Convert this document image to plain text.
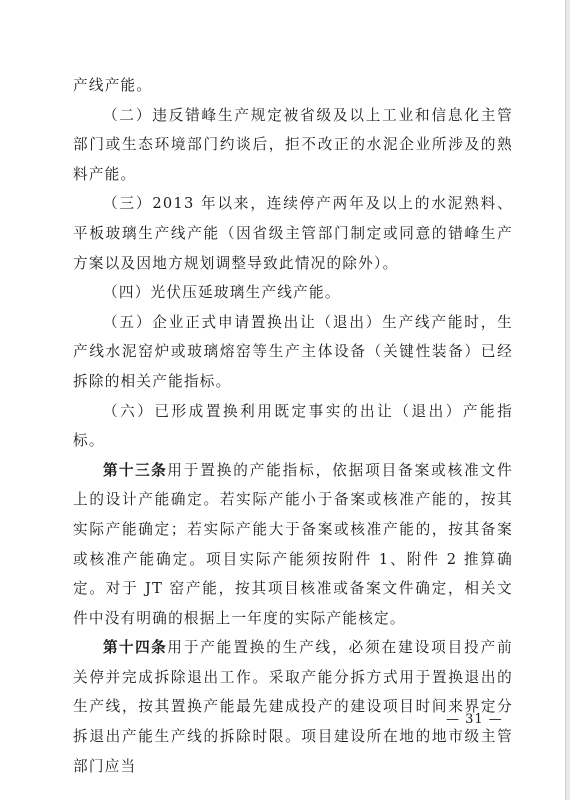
产线产能。

（二）违反错峰生产规定被省级及以上工业和信息化主管部门或生态环境部门约谈后，拒不改正的水泥企业所涉及的熟料产能。

（三）2013 年以来，连续停产两年及以上的水泥熟料、平板玻璃生产线产能（因省级主管部门制定或同意的错峰生产方案以及因地方规划调整导致此情况的除外）。

（四）光伏压延玻璃生产线产能。

（五）企业正式申请置换出让（退出）生产线产能时，生产线水泥窑炉或玻璃熔窑等生产主体设备（关键性装备）已经拆除的相关产能指标。

（六）已形成置换利用既定事实的出让（退出）产能指标。

第十三条用于置换的产能指标，依据项目备案或核准文件上的设计产能确定。若实际产能小于备案或核准产能的，按其实际产能确定；若实际产能大于备案或核准产能的，按其备案或核准产能确定。项目实际产能须按附件 1、附件 2 推算确定。对于 JT 窑产能，按其项目核准或备案文件确定，相关文件中没有明确的根据上一年度的实际产能核定。

第十四条用于产能置换的生产线，必须在建设项目投产前关停并完成拆除退出工作。采取产能分拆方式用于置换退出的生产线，按其置换产能最先建成投产的建设项目时间来界定分拆退出产能生产线的拆除时限。项目建设所在地的地市级主管部门应当

— 31 —
